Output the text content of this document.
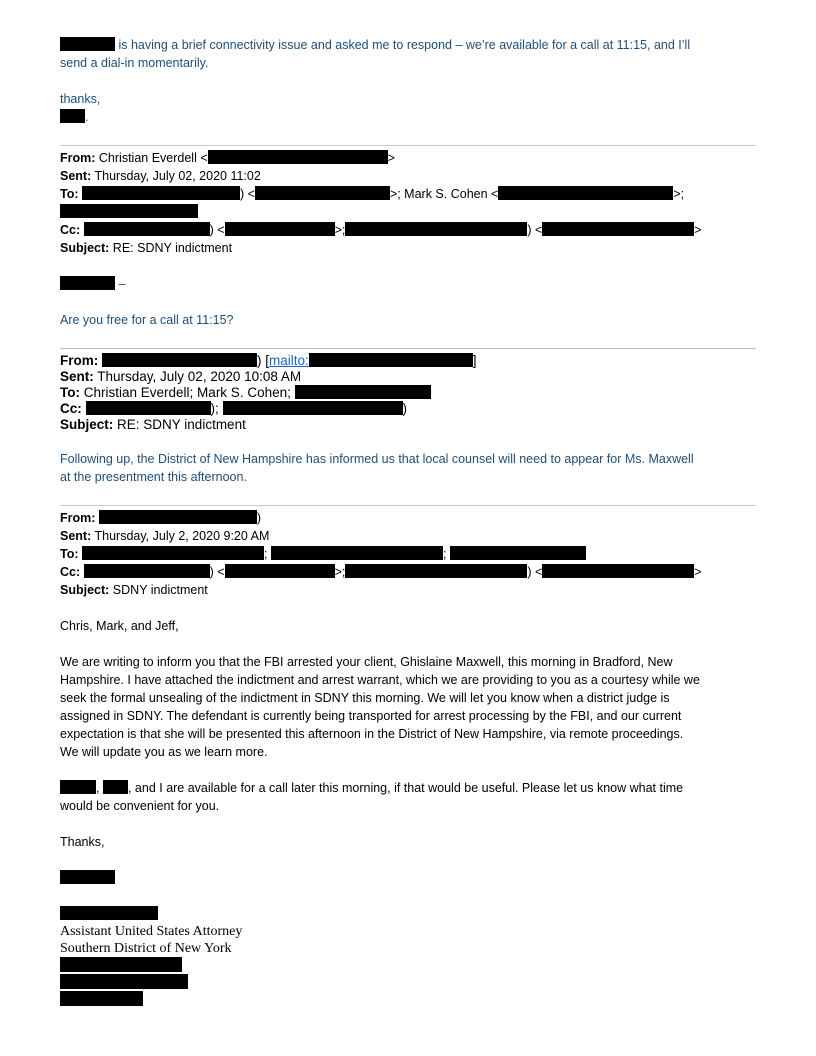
is having a brief connectivity issue and asked me to respond – we’re available for a call at 11:15, and I’ll
send a dial-in momentarily.
thanks,
.
From: Christian Everdell <	>
Sent: Thursday, July 02, 2020 11:02
To:	) <	>; Mark S. Cohen <	>;
Cc:	) <	>;	) <	>
Subject: RE: SDNY indictment
–
Are you free for a call at 11:15?
From:	) [mailto:	]
Sent: Thursday, July 02, 2020 10:08 AM
To: Christian Everdell; Mark S. Cohen;
Cc:	);	)
Subject: RE: SDNY indictment
Following up, the District of New Hampshire has informed us that local counsel will need to appear for Ms. Maxwell
at the presentment this afternoon.
From:	)
Sent: Thursday, July 2, 2020 9:20 AM
To:	;	;
Cc:	) <	>;	) <	>
Subject: SDNY indictment
Chris, Mark, and Jeff,
We are writing to inform you that the FBI arrested your client, Ghislaine Maxwell, this morning in Bradford, New
Hampshire. I have attached the indictment and arrest warrant, which we are providing to you as a courtesy while we
seek the formal unsealing of the indictment in SDNY this morning. We will let you know when a district judge is
assigned in SDNY. The defendant is currently being transported for arrest processing by the FBI, and our current
expectation is that she will be presented this afternoon in the District of New Hampshire, via remote proceedings.
We will update you as we learn more.
, , and I are available for a call later this morning, if that would be useful. Please let us know what time
would be convenient for you.
Thanks,
Assistant United States Attorney
Southern District of New York
